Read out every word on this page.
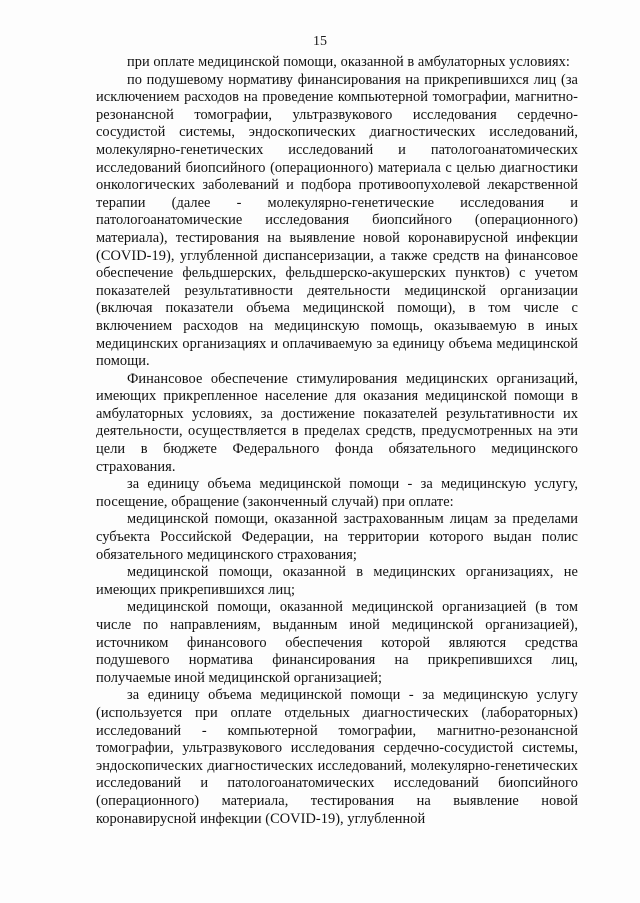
15

при оплате медицинской помощи, оказанной в амбулаторных условиях:

по подушевому нормативу финансирования на прикрепившихся лиц (за исключением расходов на проведение компьютерной томографии, магнитно-резонансной томографии, ультразвукового исследования сердечно-сосудистой системы, эндоскопических диагностических исследований, молекулярно-генетических исследований и патологоанатомических исследований биопсийного (операционного) материала с целью диагностики онкологических заболеваний и подбора противоопухолевой лекарственной терапии (далее - молекулярно-генетические исследования и патологоанатомические исследования биопсийного (операционного) материала), тестирования на выявление новой коронавирусной инфекции (COVID-19), углубленной диспансеризации, а также средств на финансовое обеспечение фельдшерских, фельдшерско-акушерских пунктов) с учетом показателей результативности деятельности медицинской организации (включая показатели объема медицинской помощи), в том числе с включением расходов на медицинскую помощь, оказываемую в иных медицинских организациях и оплачиваемую за единицу объема медицинской помощи.

Финансовое обеспечение стимулирования медицинских организаций, имеющих прикрепленное население для оказания медицинской помощи в амбулаторных условиях, за достижение показателей результативности их деятельности, осуществляется в пределах средств, предусмотренных на эти цели в бюджете Федерального фонда обязательного медицинского страхования.

за единицу объема медицинской помощи - за медицинскую услугу, посещение, обращение (законченный случай) при оплате:

медицинской помощи, оказанной застрахованным лицам за пределами субъекта Российской Федерации, на территории которого выдан полис обязательного медицинского страхования;

медицинской помощи, оказанной в медицинских организациях, не имеющих прикрепившихся лиц;

медицинской помощи, оказанной медицинской организацией (в том числе по направлениям, выданным иной медицинской организацией), источником финансового обеспечения которой являются средства подушевого норматива финансирования на прикрепившихся лиц, получаемые иной медицинской организацией;

за единицу объема медицинской помощи - за медицинскую услугу (используется при оплате отдельных диагностических (лабораторных) исследований - компьютерной томографии, магнитно-резонансной томографии, ультразвукового исследования сердечно-сосудистой системы, эндоскопических диагностических исследований, молекулярно-генетических исследований и патологоанатомических исследований биопсийного (операционного) материала, тестирования на выявление новой коронавирусной инфекции (COVID-19), углубленной
